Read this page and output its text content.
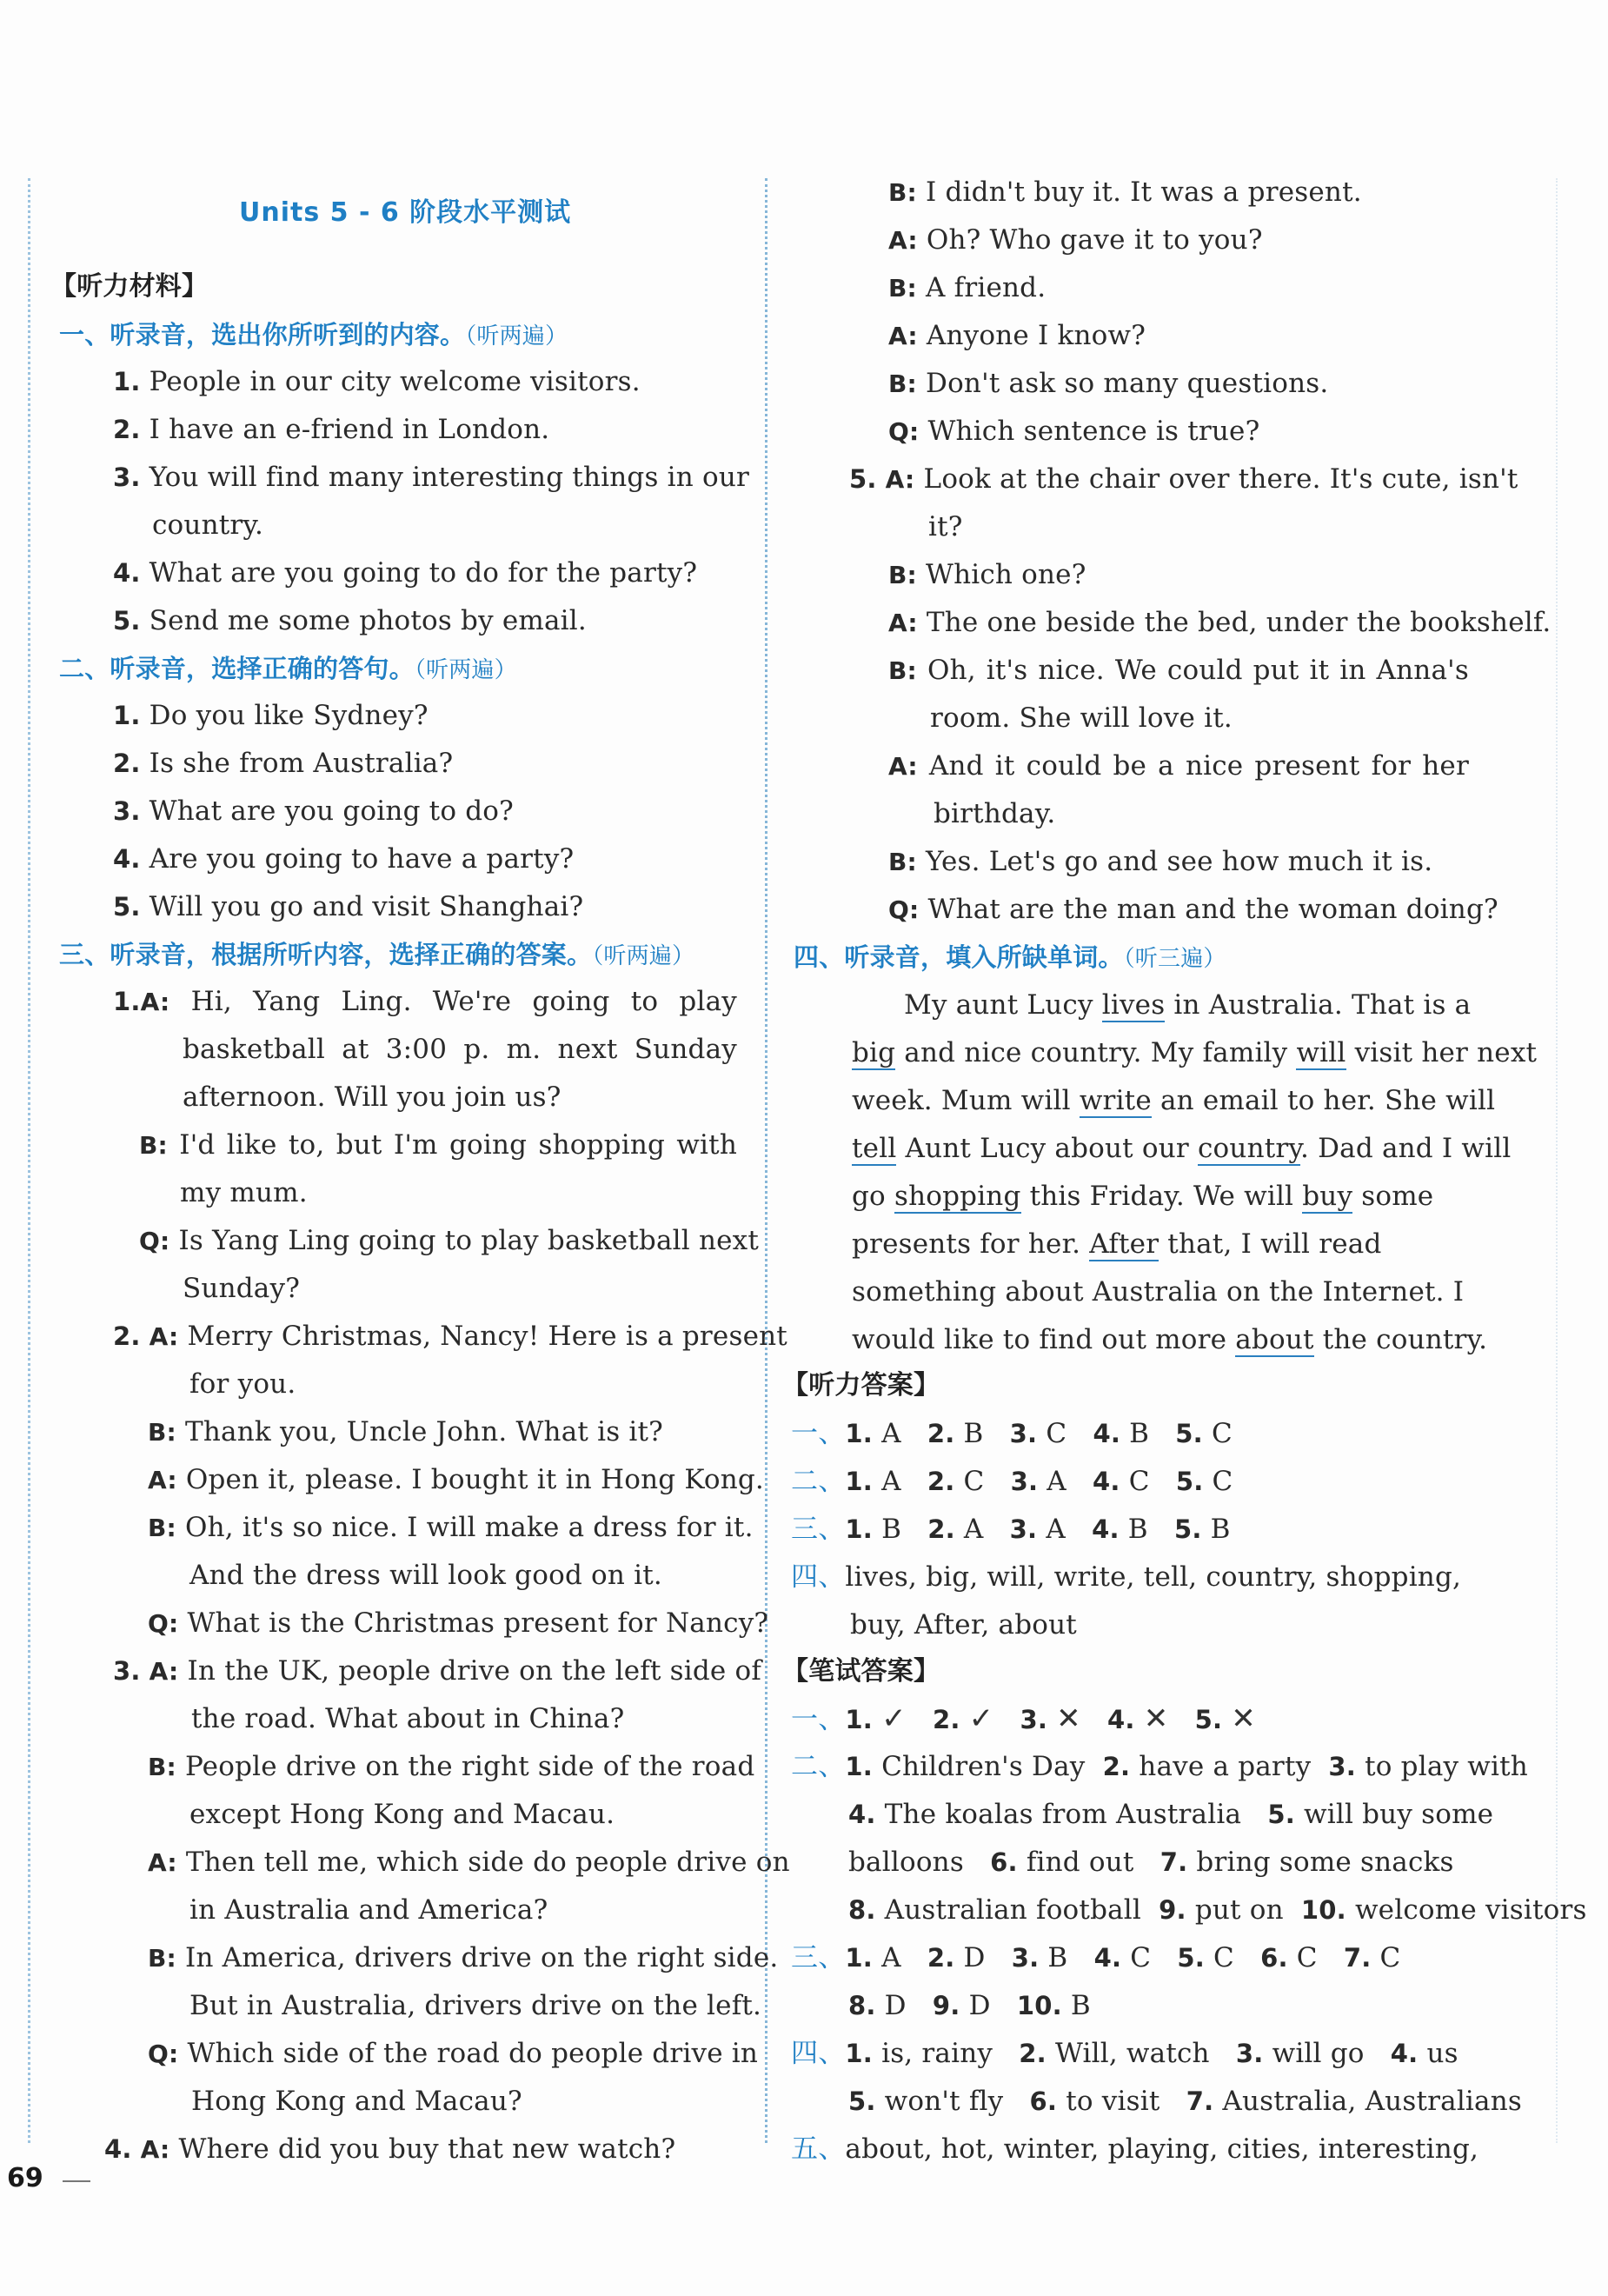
Units 5 - 6 阶段水平测试
【听力材料】
一、听录音，选出你所听到的内容。（听两遍）
1. People in our city welcome visitors.
2. I have an e-friend in London.
3. You will find many interesting things in our
country.
4. What are you going to do for the party?
5. Send me some photos by email.
二、听录音，选择正确的答句。（听两遍）
1. Do you like Sydney?
2. Is she from Australia?
3. What are you going to do?
4. Are you going to have a party?
5. Will you go and visit Shanghai?
三、听录音，根据所听内容，选择正确的答案。（听两遍）
1.A: Hi, Yang Ling. We're going to play
basketball at 3:00 p. m. next Sunday
afternoon. Will you join us?
B: I'd like to, but I'm going shopping with
my mum.
Q: Is Yang Ling going to play basketball next
Sunday?
2. A: Merry Christmas, Nancy! Here is a present
for you.
B: Thank you, Uncle John. What is it?
A: Open it, please. I bought it in Hong Kong.
B: Oh, it's so nice. I will make a dress for it.
And the dress will look good on it.
Q: What is the Christmas present for Nancy?
3. A: In the UK, people drive on the left side of
the road. What about in China?
B: People drive on the right side of the road
except Hong Kong and Macau.
A: Then tell me, which side do people drive on
in Australia and America?
B: In America, drivers drive on the right side.
But in Australia, drivers drive on the left.
Q: Which side of the road do people drive in
Hong Kong and Macau?
4. A: Where did you buy that new watch?
B: I didn't buy it. It was a present.
A: Oh? Who gave it to you?
B: A friend.
A: Anyone I know?
B: Don't ask so many questions.
Q: Which sentence is true?
5. A: Look at the chair over there. It's cute, isn't
it?
B: Which one?
A: The one beside the bed, under the bookshelf.
B: Oh, it's nice. We could put it in Anna's
room. She will love it.
A: And it could be a nice present for her
birthday.
B: Yes. Let's go and see how much it is.
Q: What are the man and the woman doing?
四、听录音，填入所缺单词。（听三遍）
My aunt Lucy lives in Australia. That is a
big and nice country. My family will visit her next
week. Mum will write an email to her. She will
tell Aunt Lucy about our country. Dad and I will
go shopping this Friday. We will buy some
presents for her. After that, I will read
something about Australia on the Internet. I
would like to find out more about the country.
【听力答案】
一、1. A 2. B 3. C 4. B 5. C
二、1. A 2. C 3. A 4. C 5. C
三、1. B 2. A 3. A 4. B 5. B
四、lives, big, will, write, tell, country, shopping,
buy, After, about
【笔试答案】
一、1. ✓ 2. ✓ 3. ✕ 4. ✕ 5. ✕
二、1. Children's Day 2. have a party 3. to play with
4. The koalas from Australia 5. will buy some
balloons 6. find out 7. bring some snacks
8. Australian football 9. put on 10. welcome visitors
三、1. A 2. D 3. B 4. C 5. C 6. C 7. C
8. D 9. D 10. B
四、1. is, rainy 2. Will, watch 3. will go 4. us
5. won't fly 6. to visit 7. Australia, Australians
五、about, hot, winter, playing, cities, interesting,
69
